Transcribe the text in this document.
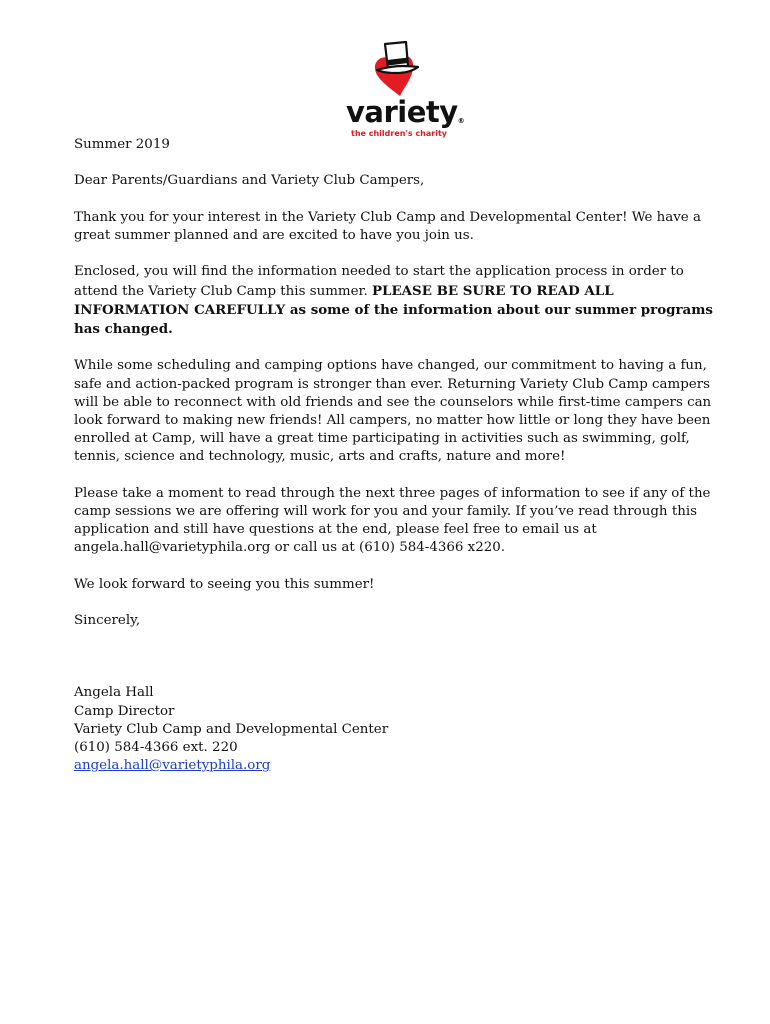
variety®
the children's charity

Summer 2019

Dear Parents/Guardians and Variety Club Campers,

Thank you for your interest in the Variety Club Camp and Developmental Center! We have a great summer planned and are excited to have you join us.

Enclosed, you will find the information needed to start the application process in order to attend the Variety Club Camp this summer. PLEASE BE SURE TO READ ALL INFORMATION CAREFULLY as some of the information about our summer programs has changed.

While some scheduling and camping options have changed, our commitment to having a fun, safe and action-packed program is stronger than ever. Returning Variety Club Camp campers will be able to reconnect with old friends and see the counselors while first-time campers can look forward to making new friends! All campers, no matter how little or long they have been enrolled at Camp, will have a great time participating in activities such as swimming, golf, tennis, science and technology, music, arts and crafts, nature and more!

Please take a moment to read through the next three pages of information to see if any of the camp sessions we are offering will work for you and your family. If you’ve read through this application and still have questions at the end, please feel free to email us at angela.hall@varietyphila.org or call us at (610) 584-4366 x220.

We look forward to seeing you this summer!

Sincerely,

Angela Hall

Camp Director

Variety Club Camp and Developmental Center

(610) 584-4366 ext. 220

angela.hall@varietyphila.org
